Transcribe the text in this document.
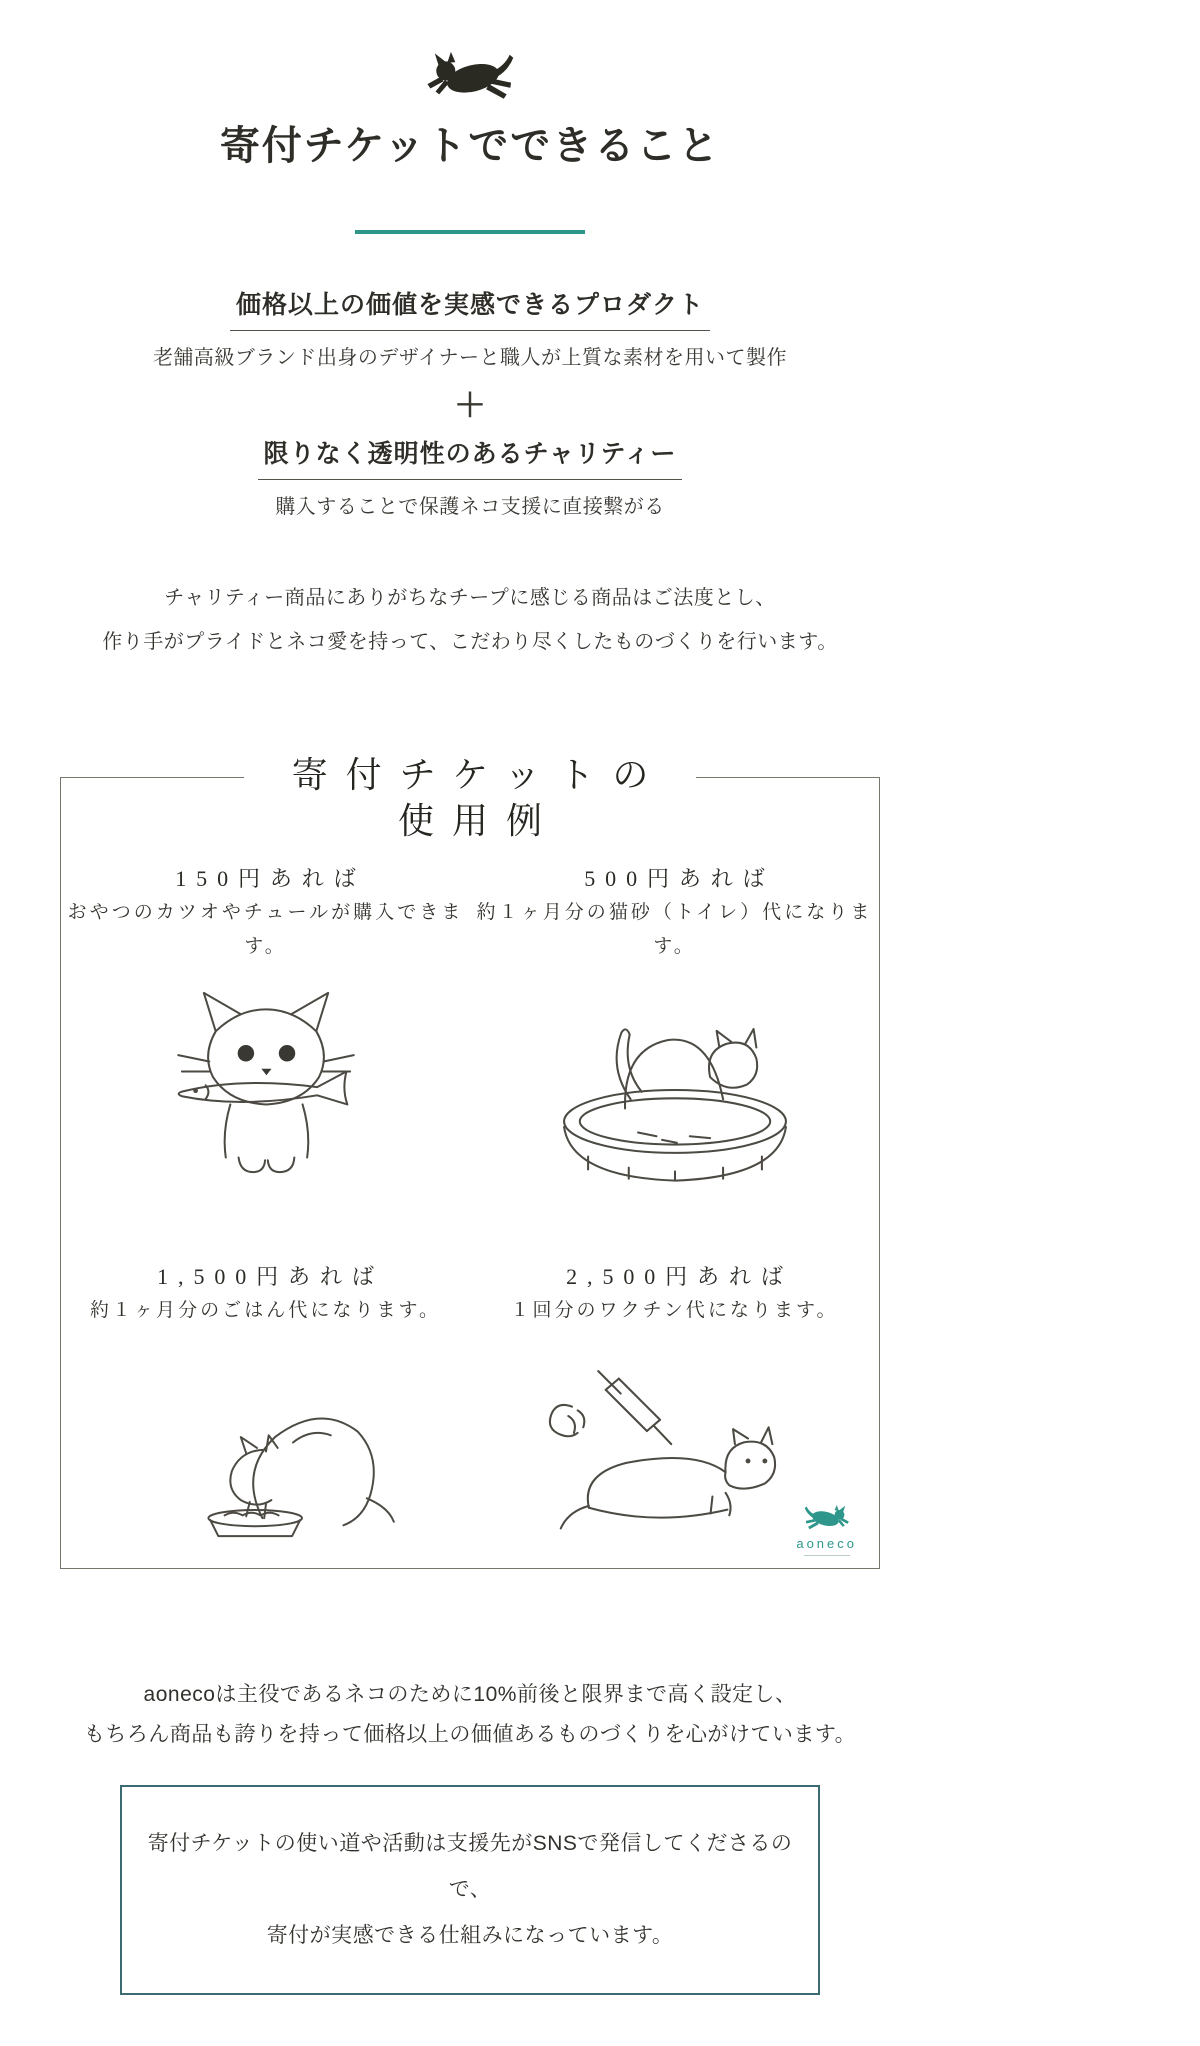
寄付チケットでできること
価格以上の価値を実感できるプロダクト

老舗高級ブランド出身のデザイナーと職人が上質な素材を用いて製作

＋

限りなく透明性のあるチャリティー

購入することで保護ネコ支援に直接繋がる

チャリティー商品にありがちなチープに感じる商品はご法度とし、
作り手がプライドとネコ愛を持って、こだわり尽くしたものづくりを行います。

寄付チケットの
使用例

150円あれば

おやつのカツオやチュールが購入できます。

500円あれば

約１ヶ月分の猫砂（トイレ）代になります。

1,500円あれば

約１ヶ月分のごはん代になります。

2,500円あれば

１回分のワクチン代になります。

aoneco

aonecoは主役であるネコのために10%前後と限界まで高く設定し、
もちろん商品も誇りを持って価格以上の価値あるものづくりを心がけています。

寄付チケットの使い道や活動は支援先がSNSで発信してくださるので、
寄付が実感できる仕組みになっています。
